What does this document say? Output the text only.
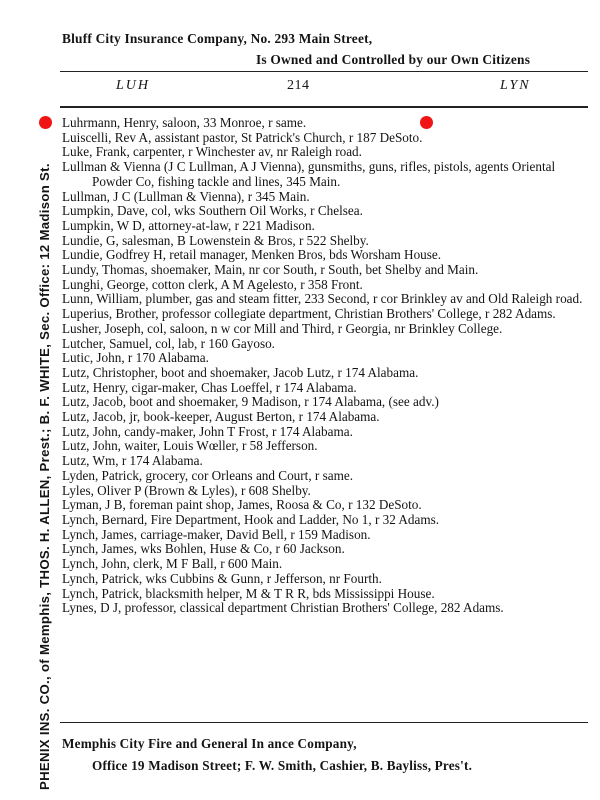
Bluff City Insurance Company, No. 293 Main Street,
Is Owned and Controlled by our Own Citizens
LUH	214	LYN
PHENIX INS. CO., of Memphis, THOS. H. ALLEN, Prest.; B. F. WHITE, Sec. Office: 12 Madison St.
Luhrmann, Henry, saloon, 33 Monroe, r same.
Luiscelli, Rev A, assistant pastor, St Patrick's Church, r 187 DeSoto.
Luke, Frank, carpenter, r Winchester av, nr Raleigh road.
Lullman & Vienna (J C Lullman, A J Vienna), gunsmiths, guns, rifles, pistols, agents Oriental Powder Co, fishing tackle and lines, 345 Main.
Lullman, J C (Lullman & Vienna), r 345 Main.
Lumpkin, Dave, col, wks Southern Oil Works, r Chelsea.
Lumpkin, W D, attorney-at-law, r 221 Madison.
Lundie, G, salesman, B Lowenstein & Bros, r 522 Shelby.
Lundie, Godfrey H, retail manager, Menken Bros, bds Worsham House.
Lundy, Thomas, shoemaker, Main, nr cor South, r South, bet Shelby and Main.
Lunghi, George, cotton clerk, A M Agelesto, r 358 Front.
Lunn, William, plumber, gas and steam fitter, 233 Second, r cor Brinkley av and Old Raleigh road.
Luperius, Brother, professor collegiate department, Christian Brothers' College, r 282 Adams.
Lusher, Joseph, col, saloon, n w cor Mill and Third, r Georgia, nr Brinkley College.
Lutcher, Samuel, col, lab, r 160 Gayoso.
Lutic, John, r 170 Alabama.
Lutz, Christopher, boot and shoemaker, Jacob Lutz, r 174 Alabama.
Lutz, Henry, cigar-maker, Chas Loeffel, r 174 Alabama.
Lutz, Jacob, boot and shoemaker, 9 Madison, r 174 Alabama, (see adv.)
Lutz, Jacob, jr, book-keeper, August Berton, r 174 Alabama.
Lutz, John, candy-maker, John T Frost, r 174 Alabama.
Lutz, John, waiter, Louis Wœller, r 58 Jefferson.
Lutz, Wm, r 174 Alabama.
Lyden, Patrick, grocery, cor Orleans and Court, r same.
Lyles, Oliver P (Brown & Lyles), r 608 Shelby.
Lyman, J B, foreman paint shop, James, Roosa & Co, r 132 DeSoto.
Lynch, Bernard, Fire Department, Hook and Ladder, No 1, r 32 Adams.
Lynch, James, carriage-maker, David Bell, r 159 Madison.
Lynch, James, wks Bohlen, Huse & Co, r 60 Jackson.
Lynch, John, clerk, M F Ball, r 600 Main.
Lynch, Patrick, wks Cubbins & Gunn, r Jefferson, nr Fourth.
Lynch, Patrick, blacksmith helper, M & T R R, bds Mississippi House.
Lynes, D J, professor, classical department Christian Brothers' College, 282 Adams.
Memphis City Fire and General In ance Company,
Office 19 Madison Street; F. W. Smith, Cashier, B. Bayliss, Pres't.
